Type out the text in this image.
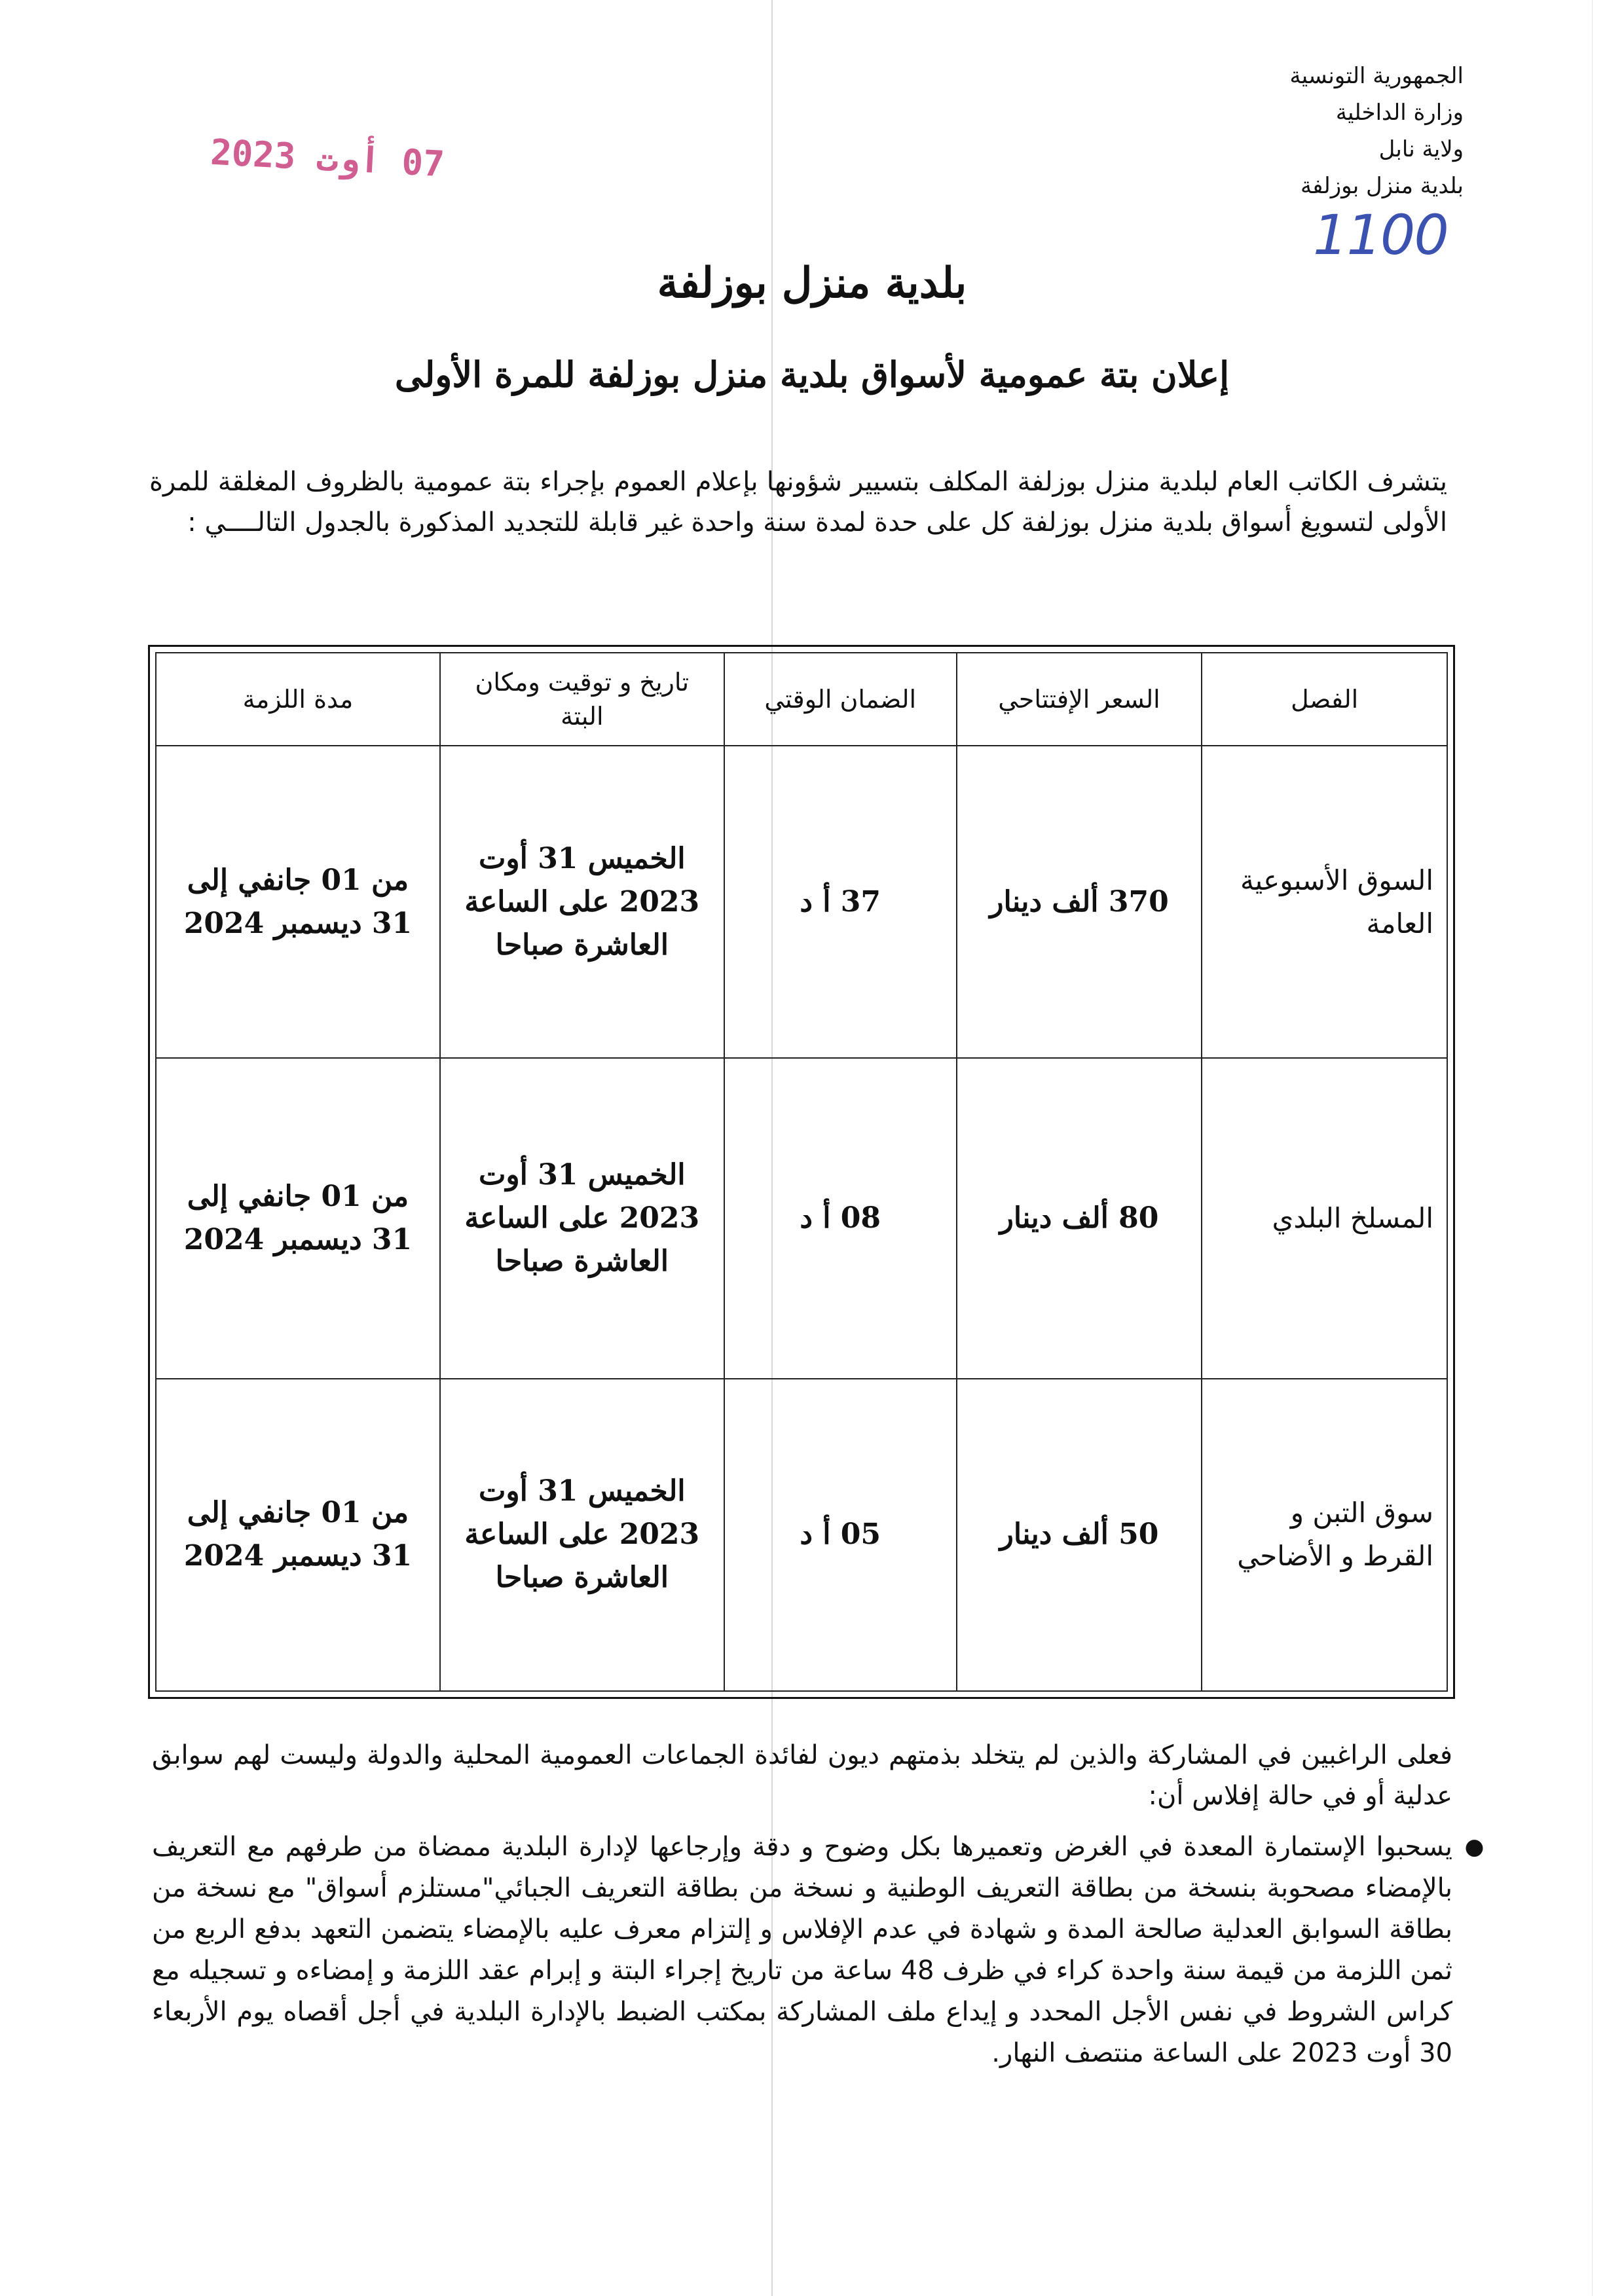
الجمهورية التونسية
وزارة الداخلية
ولاية نابل
بلدية منزل بوزلفة
1100
07 أوت 2023
بلدية منزل بوزلفة
إعلان بتة عمومية لأسواق بلدية منزل بوزلفة للمرة الأولى

يتشرف الكاتب العام لبلدية منزل بوزلفة المكلف بتسيير شؤونها بإعلام العموم بإجراء بتة عمومية بالظروف المغلقة للمرة الأولى لتسويغ أسواق بلدية منزل بوزلفة كل على حدة لمدة سنة واحدة غير قابلة للتجديد المذكورة بالجدول التالــــي :

الفصل	السعر الإفتتاحي	الضمان الوقتي	تاريخ و توقيت ومكان البتة	مدة اللزمة
السوق الأسبوعية العامة	370 ألف دينار	37 أ د	الخميس 31 أوت 2023 على الساعة العاشرة صباحا	من 01 جانفي إلى 31 ديسمبر 2024
المسلخ البلدي	80 ألف دينار	08 أ د	الخميس 31 أوت 2023 على الساعة العاشرة صباحا	من 01 جانفي إلى 31 ديسمبر 2024
سوق التبن و القرط و الأضاحي	50 ألف دينار	05 أ د	الخميس 31 أوت 2023 على الساعة العاشرة صباحا	من 01 جانفي إلى 31 ديسمبر 2024

فعلى الراغبين في المشاركة والذين لم يتخلد بذمتهم ديون لفائدة الجماعات العمومية المحلية والدولة وليست لهم سوابق عدلية أو في حالة إفلاس أن:

●
يسحبوا الإستمارة المعدة في الغرض وتعميرها بكل وضوح و دقة وإرجاعها لإدارة البلدية ممضاة من طرفهم مع التعريف بالإمضاء مصحوبة بنسخة من بطاقة التعريف الوطنية و نسخة من بطاقة التعريف الجبائي"مستلزم أسواق" مع نسخة من بطاقة السوابق العدلية صالحة المدة و شهادة في عدم الإفلاس و إلتزام معرف عليه بالإمضاء يتضمن التعهد بدفع الربع من ثمن اللزمة من قيمة سنة واحدة كراء في ظرف 48 ساعة من تاريخ إجراء البتة و إبرام عقد اللزمة و إمضاءه و تسجيله مع كراس الشروط في نفس الأجل المحدد و إيداع ملف المشاركة بمكتب الضبط بالإدارة البلدية في أجل أقصاه يوم الأربعاء 30 أوت 2023 على الساعة منتصف النهار.
